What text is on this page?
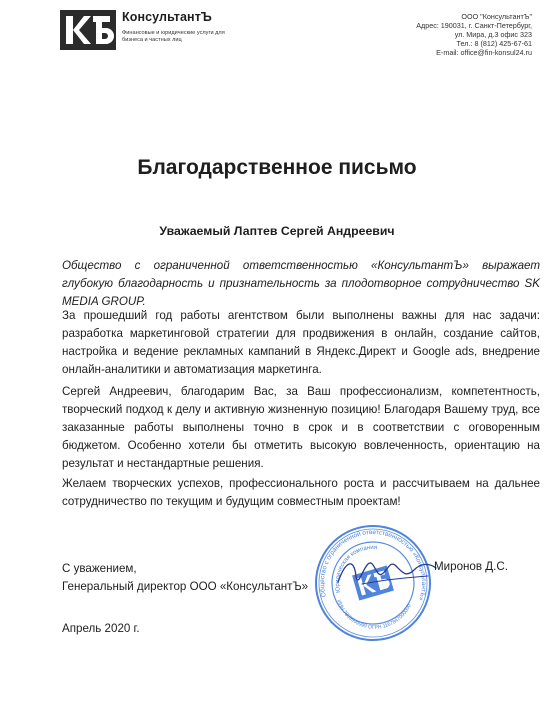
КонсультантЪ
Финансовые и юридические услуги для бизнеса и частных лиц
ООО "КонсультантЪ"
Адрес: 190031, г. Санкт-Петербург,
ул. Мира, д.3 офис 323
Тел.: 8 (812) 425-67-61
E-mail: office@fin-konsul24.ru
Благодарственное письмо
Уважаемый Лаптев Сергей Андреевич
Общество с ограниченной ответственностью «КонсультантЪ» выражает глубокую благодарность и признательность за плодотворное сотрудничество SK MEDIA GROUP.
За прошедший год работы агентством были выполнены важны для нас задачи: разработка маркетинговой стратегии для продвижения в онлайн, создание сайтов, настройка и ведение рекламных кампаний в Яндекс.Директ и Google ads, внедрение онлайн-аналитики и автоматизация маркетинга.
Сергей Андреевич, благодарим Вас, за Ваш профессионализм, компетентность, творческий подход к делу и активную жизненную позицию! Благодаря Вашему труд, все заказанные работы выполнены точно в срок и в соответствии с оговоренным бюджетом. Особенно хотели бы отметить высокую вовлеченность, ориентацию на результат и нестандартные решения.
Желаем творческих успехов, профессионального роста и рассчитываем на дальнее сотрудничество по текущим и будущим совместным проектам!
Общество с ограниченной ответственностью «КонсультантЪ»
Юридическая компания
ИНН 7809999999 ОГРН 1167847000000
С уважением,
Генеральный директор ООО «КонсультантЪ»
Миронов Д.С.
Апрель 2020 г.
